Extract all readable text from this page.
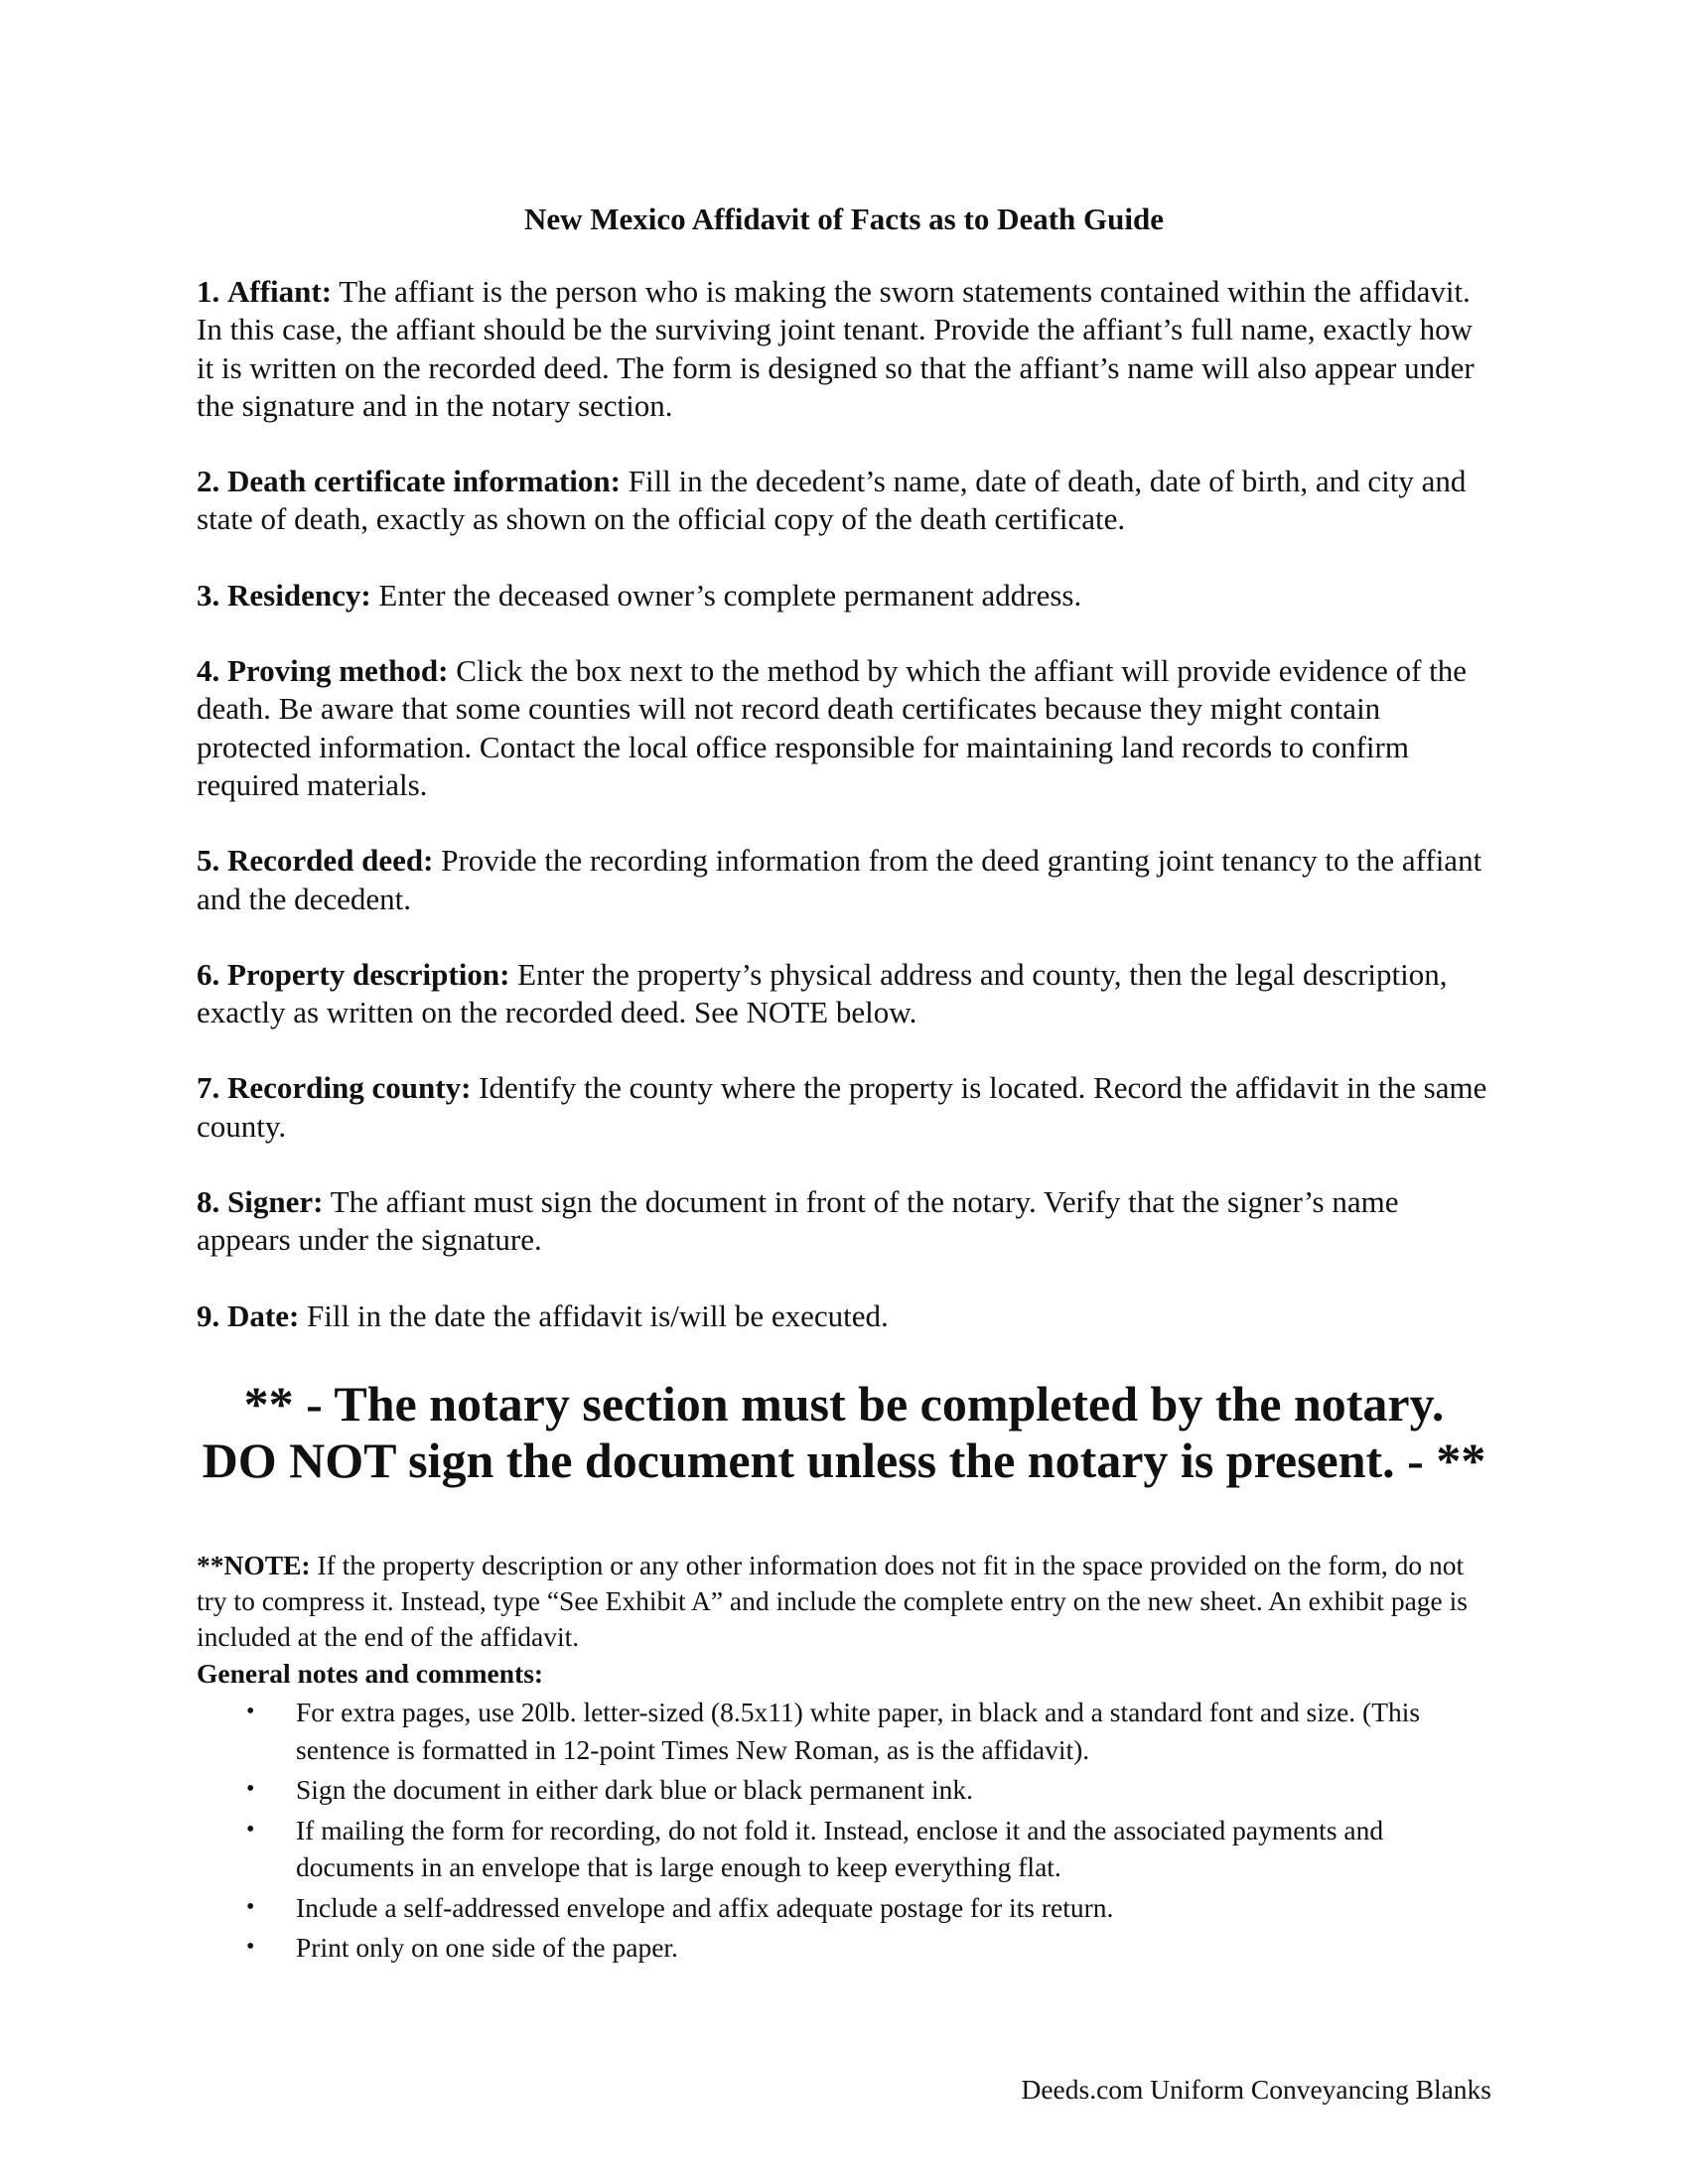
New Mexico Affidavit of Facts as to Death Guide

1. Affiant: The affiant is the person who is making the sworn statements contained within the affidavit. In this case, the affiant should be the surviving joint tenant. Provide the affiant’s full name, exactly how it is written on the recorded deed. The form is designed so that the affiant’s name will also appear under the signature and in the notary section.

2. Death certificate information: Fill in the decedent’s name, date of death, date of birth, and city and state of death, exactly as shown on the official copy of the death certificate.

3. Residency: Enter the deceased owner’s complete permanent address.

4. Proving method: Click the box next to the method by which the affiant will provide evidence of the death. Be aware that some counties will not record death certificates because they might contain protected information. Contact the local office responsible for maintaining land records to confirm required materials.

5. Recorded deed: Provide the recording information from the deed granting joint tenancy to the affiant and the decedent.

6. Property description: Enter the property’s physical address and county, then the legal description, exactly as written on the recorded deed. See NOTE below.

7. Recording county: Identify the county where the property is located. Record the affidavit in the same county.

8. Signer: The affiant must sign the document in front of the notary. Verify that the signer’s name appears under the signature.

9. Date: Fill in the date the affidavit is/will be executed.

** - The notary section must be completed by the notary.
DO NOT sign the document unless the notary is present. - **

**NOTE: If the property description or any other information does not fit in the space provided on the form, do not try to compress it. Instead, type “See Exhibit A” and include the complete entry on the new sheet. An exhibit page is included at the end of the affidavit.

General notes and comments:
• For extra pages, use 20lb. letter-sized (8.5x11) white paper, in black and a standard font and size. (This sentence is formatted in 12-point Times New Roman, as is the affidavit).
• Sign the document in either dark blue or black permanent ink.
• If mailing the form for recording, do not fold it. Instead, enclose it and the associated payments and documents in an envelope that is large enough to keep everything flat.
• Include a self-addressed envelope and affix adequate postage for its return.
• Print only on one side of the paper.
Deeds.com Uniform Conveyancing Blanks
